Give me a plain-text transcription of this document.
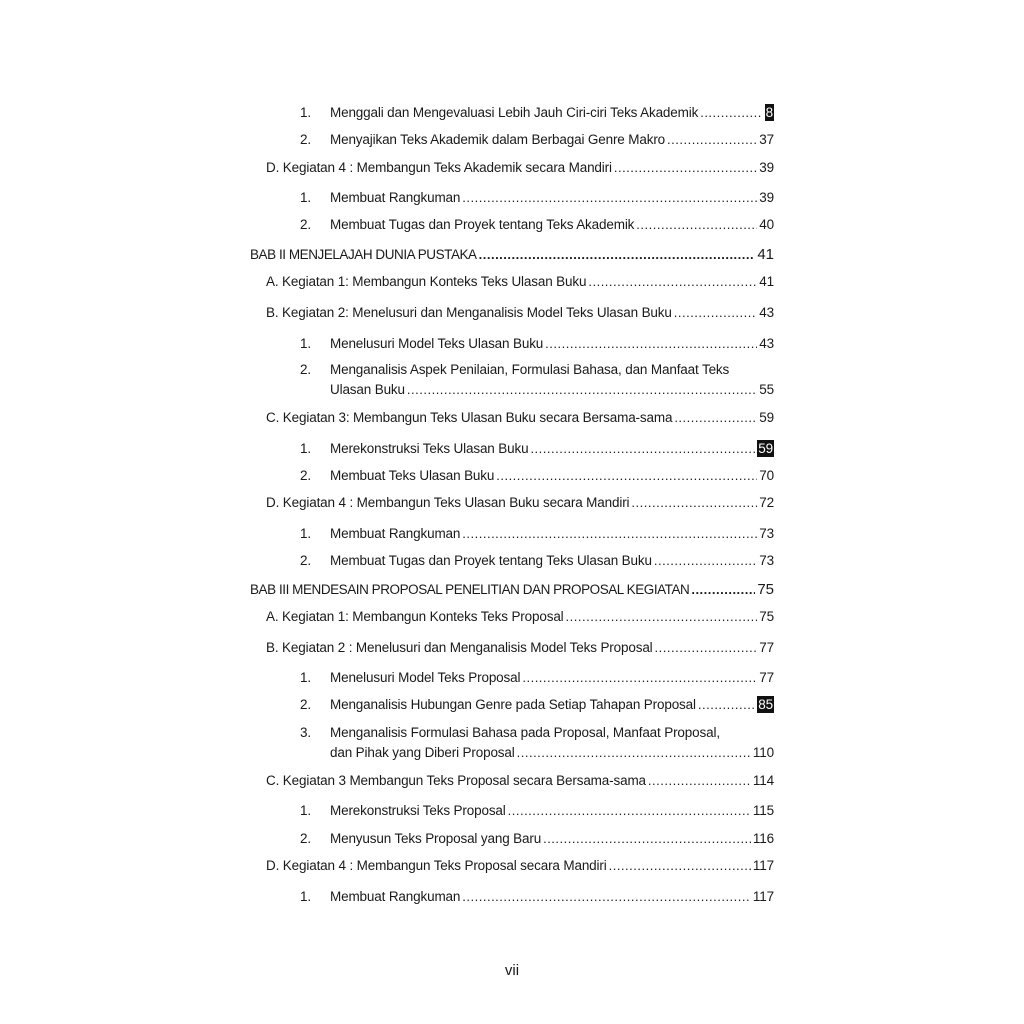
1.	Menggali dan Mengevaluasi Lebih Jauh Ciri-ciri Teks Akademik .....	8
2.	Menyajikan Teks Akademik dalam Berbagai Genre Makro .....	37
D. Kegiatan 4 : Membangun Teks Akademik secara Mandiri .....	39
1.	Membuat Rangkuman .....	39
2.	Membuat Tugas dan Proyek tentang Teks Akademik .....	40
BAB II MENJELAJAH DUNIA PUSTAKA .....	41
A. Kegiatan 1: Membangun Konteks Teks Ulasan Buku .....	41
B. Kegiatan 2: Menelusuri dan Menganalisis Model Teks Ulasan Buku .....	43
1.	Menelusuri Model Teks Ulasan Buku .....	43
2.	Menganalisis Aspek Penilaian, Formulasi Bahasa, dan Manfaat Teks
Ulasan Buku .....	55
C. Kegiatan 3: Membangun Teks Ulasan Buku secara Bersama-sama .....	59
1.	Merekonstruksi Teks Ulasan Buku .....	59
2.	Membuat Teks Ulasan Buku .....	70
D. Kegiatan 4 : Membangun Teks Ulasan Buku secara Mandiri .....	72
1.	Membuat Rangkuman .....	73
2.	Membuat Tugas dan Proyek tentang Teks Ulasan Buku .....	73
BAB III MENDESAIN PROPOSAL PENELITIAN DAN PROPOSAL KEGIATAN .....	75
A. Kegiatan 1: Membangun Konteks Teks Proposal .....	75
B. Kegiatan 2 : Menelusuri dan Menganalisis Model Teks Proposal .....	77
1.	Menelusuri Model Teks Proposal .....	77
2.	Menganalisis Hubungan Genre pada Setiap Tahapan Proposal .....	85
3.	Menganalisis Formulasi Bahasa pada Proposal, Manfaat Proposal,
dan Pihak yang Diberi Proposal .....	110
C. Kegiatan 3 Membangun Teks Proposal secara Bersama-sama .....	114
1.	Merekonstruksi Teks Proposal .....	115
2.	Menyusun Teks Proposal yang Baru .....	116
D. Kegiatan 4 : Membangun Teks Proposal secara Mandiri .....	117
1.	Membuat Rangkuman .....	117
vii
